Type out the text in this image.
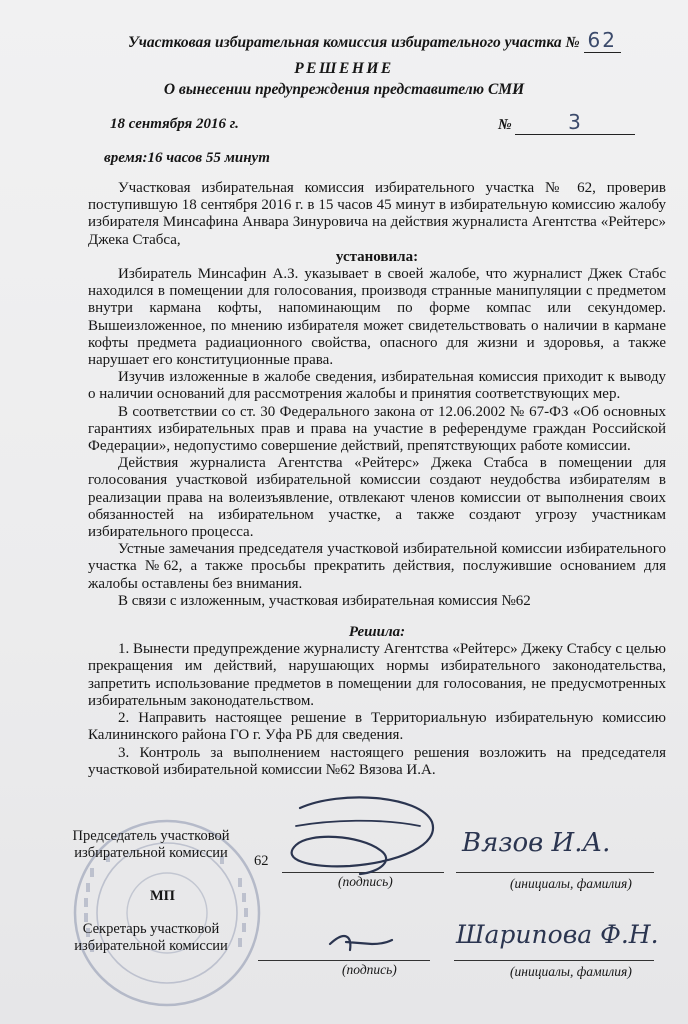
Участковая избирательная комиссия избирательного участка № 62
РЕШЕНИЕ
О вынесении предупреждения представителю СМИ
18 сентября 2016 г.	№	3
время:16 часов 55 минут

Участковая избирательная комиссия избирательного участка № 62, проверив поступившую 18 сентября 2016 г. в 15 часов 45 минут в избирательную комиссию жалобу избирателя Минсафина Анвара Зинуровича на действия журналиста Агентства «Рейтерс» Джека Стабса,

установила:

Избиратель Минсафин А.З. указывает в своей жалобе, что журналист Джек Стабс находился в помещении для голосования, производя странные манипуляции с предметом внутри кармана кофты, напоминающим по форме компас или секундомер. Вышеизложенное, по мнению избирателя может свидетельствовать о наличии в кармане кофты предмета радиационного свойства, опасного для жизни и здоровья, а также нарушает его конституционные права.

Изучив изложенные в жалобе сведения, избирательная комиссия приходит к выводу о наличии оснований для рассмотрения жалобы и принятия соответствующих мер.

В соответствии со ст. 30 Федерального закона от 12.06.2002 № 67-ФЗ «Об основных гарантиях избирательных прав и права на участие в референдуме граждан Российской Федерации», недопустимо совершение действий, препятствующих работе комиссии.

Действия журналиста Агентства «Рейтерс» Джека Стабса в помещении для голосования участковой избирательной комиссии создают неудобства избирателям в реализации права на волеизъявление, отвлекают членов комиссии от выполнения своих обязанностей на избирательном участке, а также создают угрозу участникам избирательного процесса.

Устные замечания председателя участковой избирательной комиссии избирательного участка №62, а также просьбы прекратить действия, послужившие основанием для жалобы оставлены без внимания.

В связи с изложенным, участковая избирательная комиссия №62

Решила:

1. Вынести предупреждение журналисту Агентства «Рейтерс» Джеку Стабсу с целью прекращения им действий, нарушающих нормы избирательного законодательства, запретить использование предметов в помещении для голосования, не предусмотренных избирательным законодательством.
2. Направить настоящее решение в Территориальную избирательную комиссию Калининского района ГО г. Уфа РБ для сведения.
3. Контроль за выполнением настоящего решения возложить на председателя участковой избирательной комиссии №62 Вязова И.А.
Председатель участковой
избирательной комиссии	62
(подпись)	(инициалы, фамилия)
Вязов И.А.
МП
Секретарь участковой
избирательной комиссии
(подпись)	(инициалы, фамилия)
Шарипова Ф.Н.
